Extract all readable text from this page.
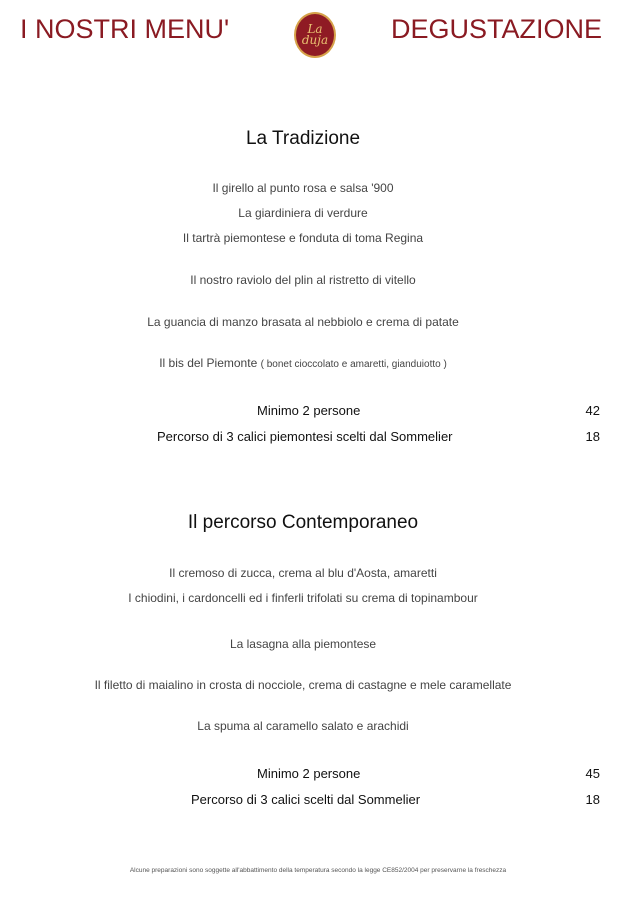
I NOSTRI MENU'	La
duja DEGUSTAZIONE
La Tradizione
Il girello al punto rosa e salsa '900
La giardiniera di verdure
Il tartrà piemontese e fonduta di toma Regina
Il nostro raviolo del plin al ristretto di vitello
La guancia di manzo brasata al nebbiolo e crema di patate
Il bis del Piemonte ( bonet cioccolato e amaretti, gianduiotto )
Minimo 2 persone	42
Percorso di 3 calici piemontesi scelti dal Sommelier	18
Il percorso Contemporaneo
Il cremoso di zucca, crema al blu d'Aosta, amaretti
I chiodini, i cardoncelli ed i finferli trifolati su crema di topinambour
La lasagna alla piemontese
Il filetto di maialino in crosta di nocciole, crema di castagne e mele caramellate
La spuma al caramello salato e arachidi
Minimo 2 persone	45
Percorso di 3 calici scelti dal Sommelier	18
Alcune preparazioni sono soggette all'abbattimento della temperatura secondo la legge CE852/2004 per preservarne la freschezza
